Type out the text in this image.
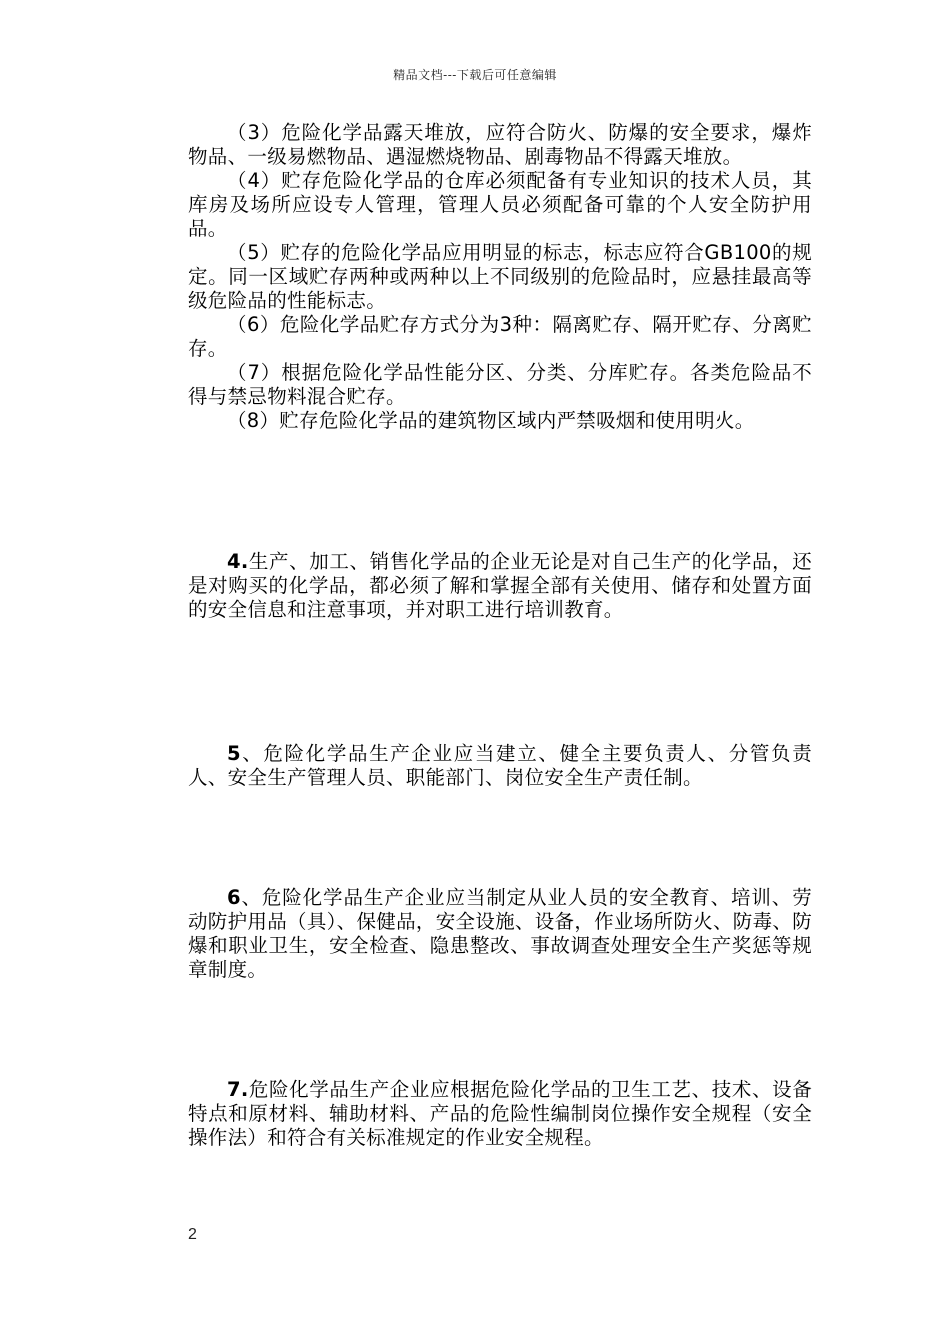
精品文档---下载后可任意编辑

（3）危险化学品露天堆放，应符合防火、防爆的安全要求，爆炸物品、一级易燃物品、遇湿燃烧物品、剧毒物品不得露天堆放。

（4）贮存危险化学品的仓库必须配备有专业知识的技术人员，其库房及场所应设专人管理，管理人员必须配备可靠的个人安全防护用品。

（5）贮存的危险化学品应用明显的标志，标志应符合GB100的规定。同一区域贮存两种或两种以上不同级别的危险品时，应悬挂最高等级危险品的性能标志。

（6）危险化学品贮存方式分为3种：隔离贮存、隔开贮存、分离贮存。

（7）根据危险化学品性能分区、分类、分库贮存。各类危险品不得与禁忌物料混合贮存。

（8）贮存危险化学品的建筑物区域内严禁吸烟和使用明火。

4.生产、加工、销售化学品的企业无论是对自己生产的化学品，还是对购买的化学品，都必须了解和掌握全部有关使用、储存和处置方面的安全信息和注意事项，并对职工进行培训教育。

5、危险化学品生产企业应当建立、健全主要负责人、分管负责人、安全生产管理人员、职能部门、岗位安全生产责任制。

6、危险化学品生产企业应当制定从业人员的安全教育、培训、劳动防护用品（具）、保健品，安全设施、设备，作业场所防火、防毒、防爆和职业卫生，安全检查、隐患整改、事故调查处理安全生产奖惩等规章制度。

7.危险化学品生产企业应根据危险化学品的卫生工艺、技术、设备特点和原材料、辅助材料、产品的危险性编制岗位操作安全规程（安全操作法）和符合有关标准规定的作业安全规程。

2
